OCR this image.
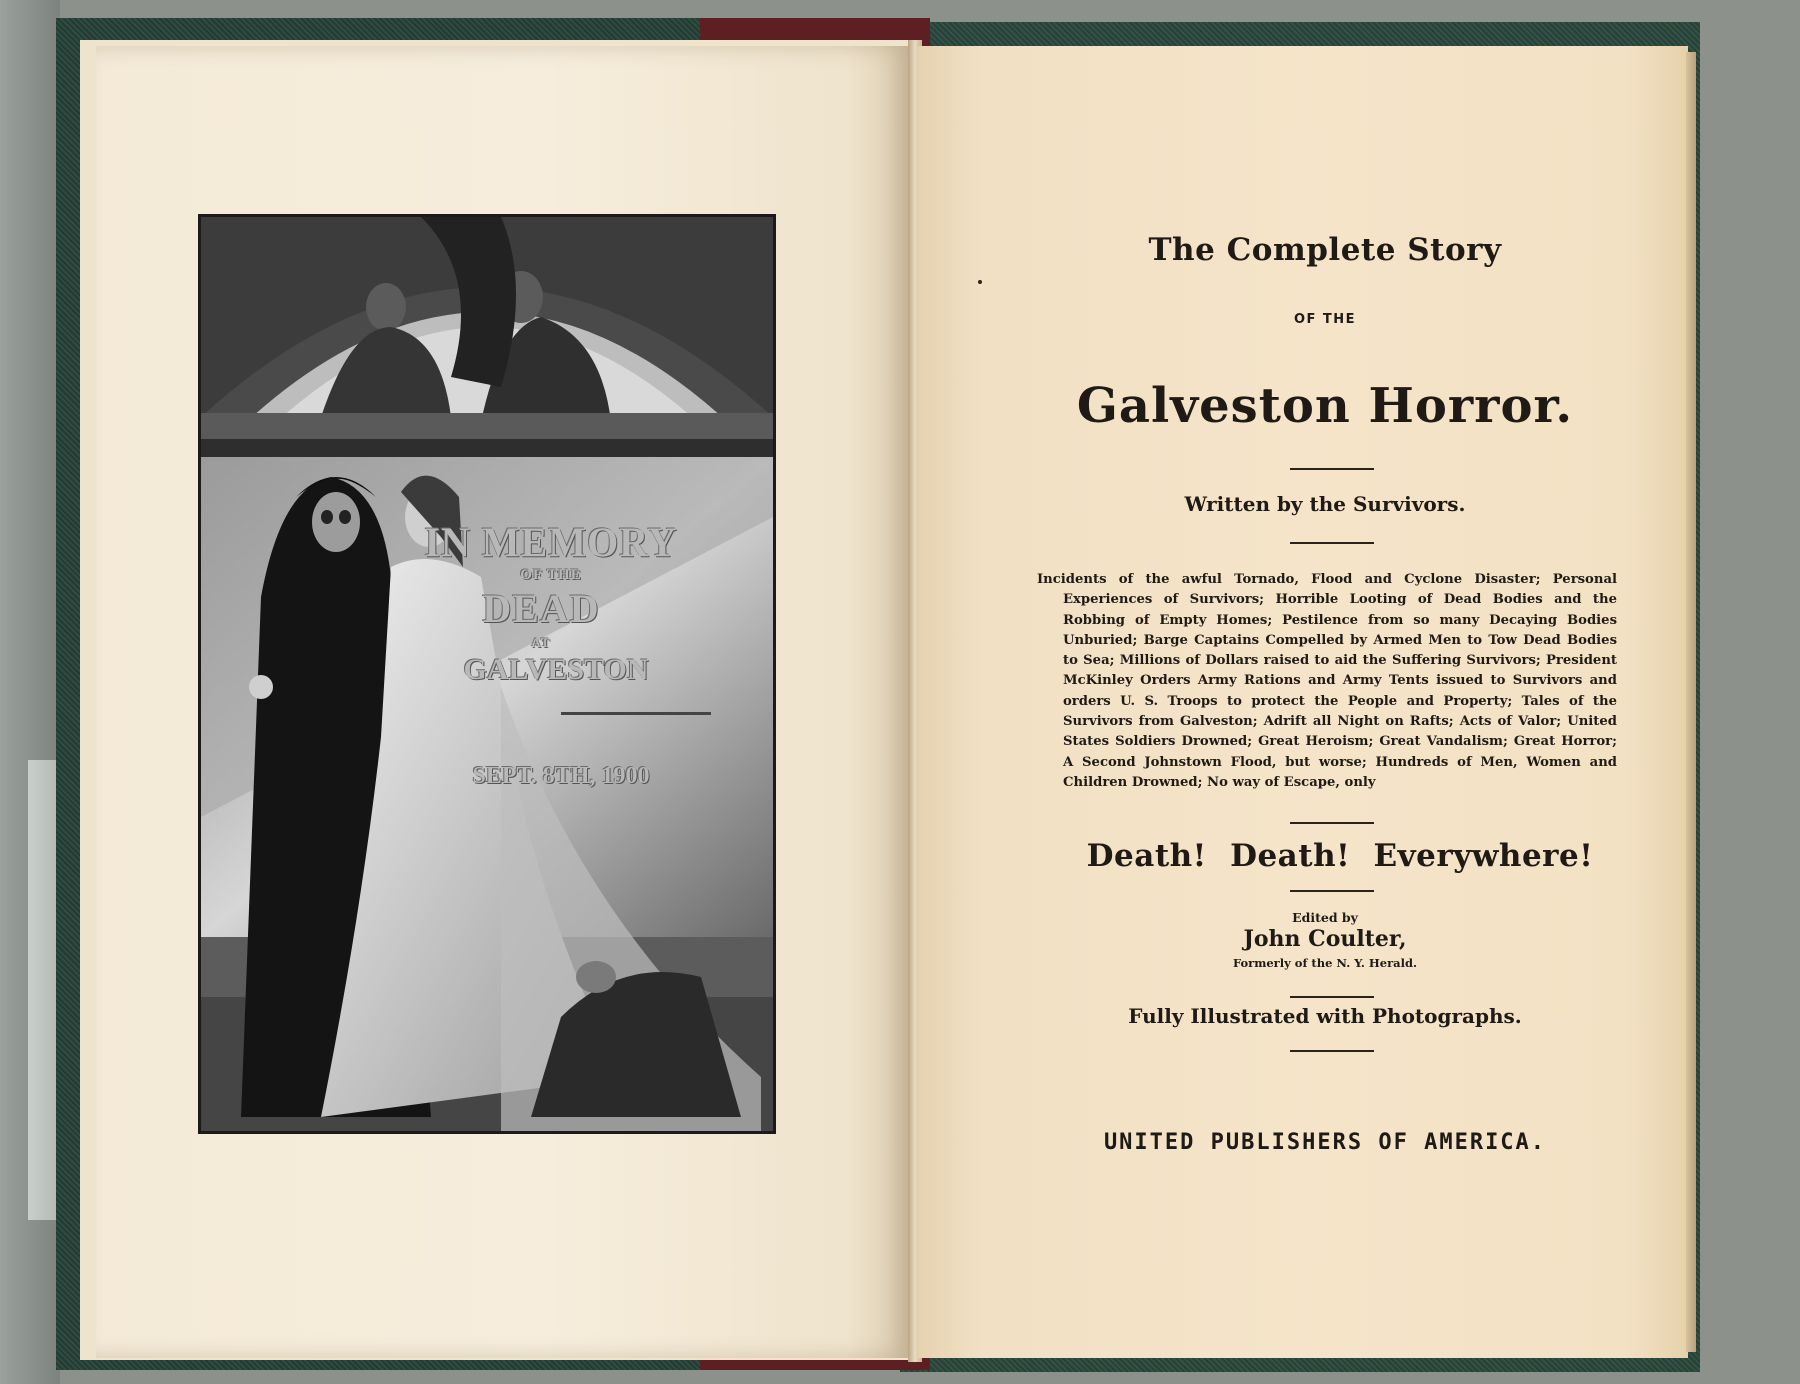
IN MEMORY
OF THE
DEAD
AT
GALVESTON
SEPT. 8TH, 1900
The Complete Story
OF THE
Galveston Horror.
Written by the Survivors.
Incidents of the awful Tornado, Flood and Cyclone Disaster; Personal Experiences of Survivors; Horrible Looting of Dead Bodies and the Robbing of Empty Homes; Pestilence from so many Decaying Bodies Unburied; Barge Captains Compelled by Armed Men to Tow Dead Bodies to Sea; Millions of Dollars raised to aid the Suffering Survivors; President McKinley Orders Army Rations and Army Tents issued to Survivors and orders U. S. Troops to protect the People and Property; Tales of the Survivors from Galveston; Adrift all Night on Rafts; Acts of Valor; United States Soldiers Drowned; Great Heroism; Great Vandalism; Great Horror; A Second Johnstown Flood, but worse; Hundreds of Men, Women and Children Drowned; No way of Escape, only
Death! Death! Everywhere!
Edited by
John Coulter,
Formerly of the N. Y. Herald.
Fully Illustrated with Photographs.
UNITED PUBLISHERS OF AMERICA.
